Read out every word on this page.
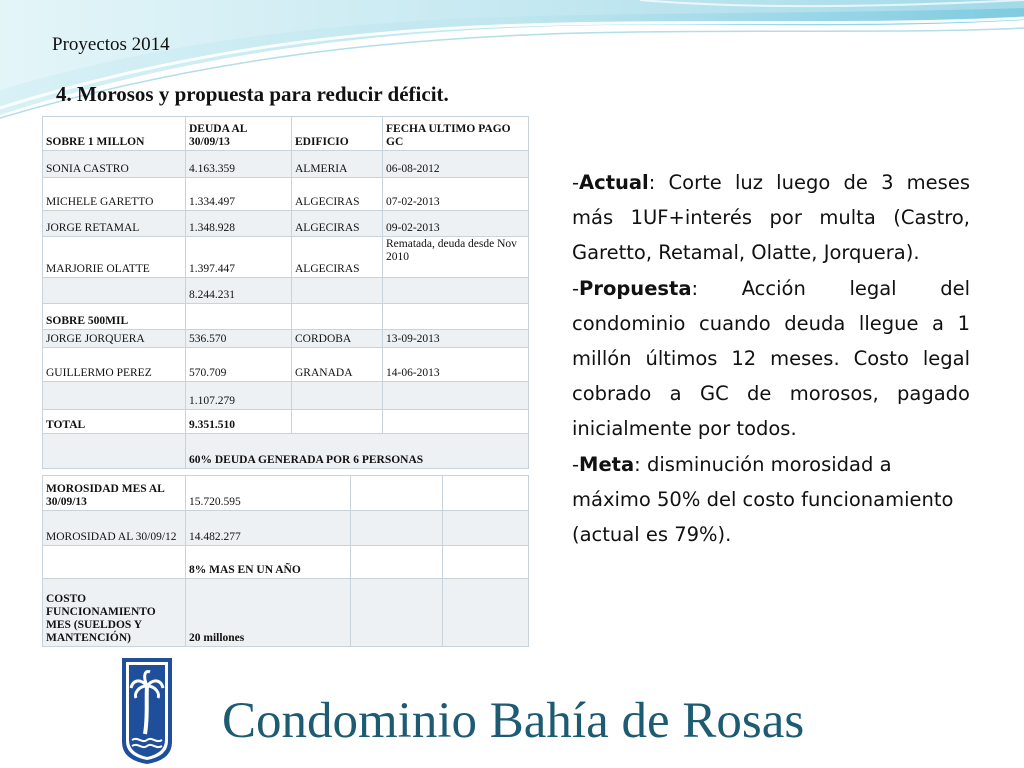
Proyectos 2014
4. Morosos y propuesta para reducir déficit.
SOBRE 1 MILLON	DEUDA AL 30/09/13	EDIFICIO	FECHA ULTIMO PAGO GC
SONIA CASTRO	4.163.359	ALMERIA	06-08-2012
MICHELE GARETTO	1.334.497	ALGECIRAS	07-02-2013
JORGE RETAMAL	1.348.928	ALGECIRAS	09-02-2013
MARJORIE OLATTE	1.397.447	ALGECIRAS	Rematada, deuda desde Nov 2010
	8.244.231		
SOBRE 500MIL			
JORGE JORQUERA	536.570	CORDOBA	13-09-2013
GUILLERMO PEREZ	570.709	GRANADA	14-06-2013
	1.107.279		
TOTAL	9.351.510		
	60% DEUDA GENERADA POR 6 PERSONAS		
MOROSIDAD MES AL 30/09/13	15.720.595		
MOROSIDAD AL 30/09/12	14.482.277		
	8% MAS EN UN AÑO		
COSTO FUNCIONAMIENTO MES (SUELDOS Y MANTENCIÓN)	20 millones		

-Actual: Corte luz luego de 3 meses más 1UF+interés por multa (Castro, Garetto, Retamal, Olatte, Jorquera).

-Propuesta: Acción legal del condominio cuando deuda llegue a 1 millón últimos 12 meses. Costo legal cobrado a GC de morosos, pagado inicialmente por todos.

-Meta: disminución morosidad a máximo 50% del costo funcionamiento (actual es 79%).

Condominio Bahía de Rosas
